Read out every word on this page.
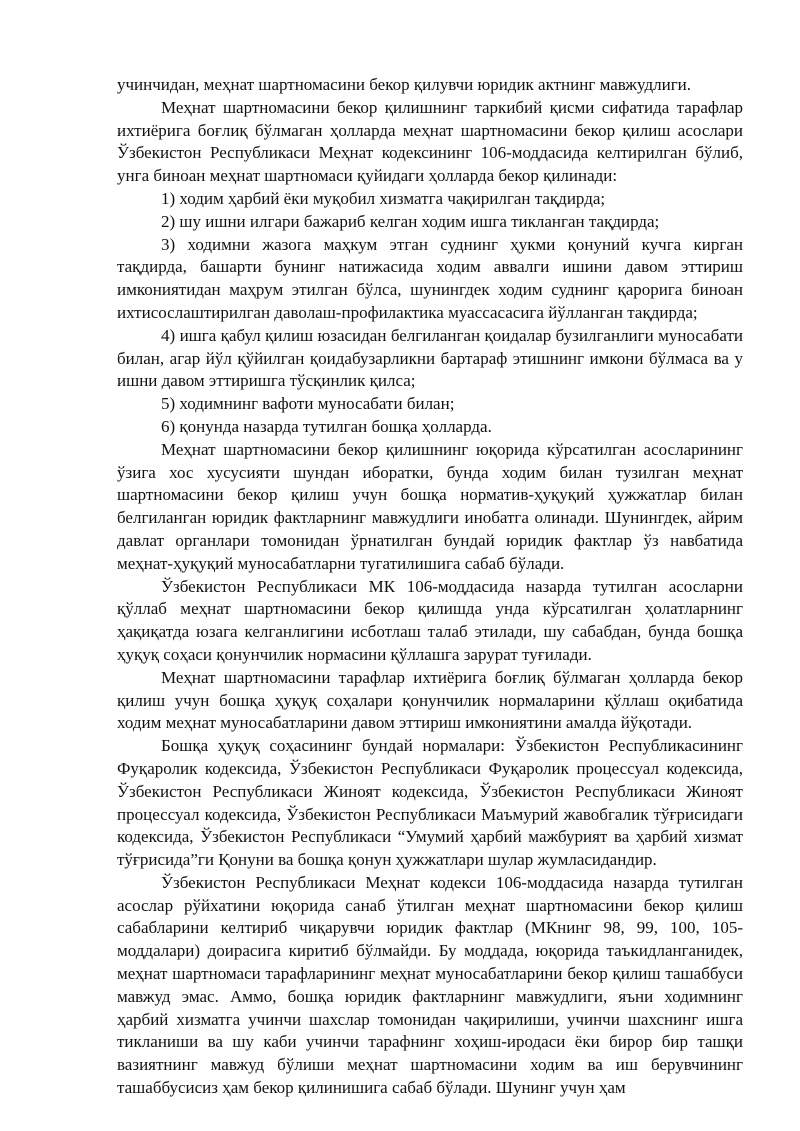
учинчидан, меҳнат шартномасини бекор қилувчи юридик актнинг мавжудлиги.

Меҳнат шартномасини бекор қилишнинг таркибий қисми сифатида тарафлар ихтиёрига боғлиқ бўлмаган ҳолларда меҳнат шартномасини бекор қилиш асослари Ўзбекистон Республикаси Меҳнат кодексининг 106-моддасида келтирилган бўлиб, унга биноан меҳнат шартномаси қуйидаги ҳолларда бекор қилинади:

1) ходим ҳарбий ёки муқобил хизматга чақирилган тақдирда;

2) шу ишни илгари бажариб келган ходим ишга тикланган тақдирда;

3) ходимни жазога маҳкум этган суднинг ҳукми қонуний кучга кирган тақдирда, башарти бунинг натижасида ходим аввалги ишини давом эттириш имкониятидан маҳрум этилган бўлса, шунингдек ходим суднинг қарорига биноан ихтисослаштирилган даволаш-профилактика муассасасига йўлланган тақдирда;

4) ишга қабул қилиш юзасидан белгиланган қоидалар бузилганлиги муносабати билан, агар йўл қўйилган қоидабузарликни бартараф этишнинг имкони бўлмаса ва у ишни давом эттиришга тўсқинлик қилса;

5) ходимнинг вафоти муносабати билан;

6) қонунда назарда тутилган бошқа ҳолларда.

Меҳнат шартномасини бекор қилишнинг юқорида кўрсатилган асосларининг ўзига хос хусусияти шундан иборатки, бунда ходим билан тузилган меҳнат шартномасини бекор қилиш учун бошқа норматив-ҳуқуқий ҳужжатлар билан белгиланган юридик фактларнинг мавжудлиги инобатга олинади. Шунингдек, айрим давлат органлари томонидан ўрнатилган бундай юридик фактлар ўз навбатида меҳнат-ҳуқуқий муносабатларни тугатилишига сабаб бўлади.

Ўзбекистон Республикаси МК 106-моддасида назарда тутилган асосларни қўллаб меҳнат шартномасини бекор қилишда унда кўрсатилган ҳолатларнинг ҳақиқатда юзага келганлигини исботлаш талаб этилади, шу сабабдан, бунда бошқа ҳуқуқ соҳаси қонунчилик нормасини қўллашга зарурат туғилади.

Меҳнат шартномасини тарафлар ихтиёрига боғлиқ бўлмаган ҳолларда бекор қилиш учун бошқа ҳуқуқ соҳалари қонунчилик нормаларини қўллаш оқибатида ходим меҳнат муносабатларини давом эттириш имкониятини амалда йўқотади.

Бошқа ҳуқуқ соҳасининг бундай нормалари: Ўзбекистон Республикасининг Фуқаролик кодексида, Ўзбекистон Республикаси Фуқаролик процессуал кодексида, Ўзбекистон Республикаси Жиноят кодексида, Ўзбекистон Республикаси Жиноят процессуал кодексида, Ўзбекистон Республикаси Маъмурий жавобгалик тўғрисидаги кодексида, Ўзбекистон Республикаси “Умумий ҳарбий мажбурият ва ҳарбий хизмат тўғрисида”ги Қонуни ва бошқа қонун ҳужжатлари шулар жумласидандир.

Ўзбекистон Республикаси Меҳнат кодекси 106-моддасида назарда тутилган асослар рўйхатини юқорида санаб ўтилган меҳнат шартномасини бекор қилиш сабабларини келтириб чиқарувчи юридик фактлар (МКнинг 98, 99, 100, 105-моддалари) доирасига киритиб бўлмайди. Бу моддада, юқорида таъкидланганидек, меҳнат шартномаси тарафларининг меҳнат муносабатларини бекор қилиш ташаббуси мавжуд эмас. Аммо, бошқа юридик фактларнинг мавжудлиги, яъни ходимнинг ҳарбий хизматга учинчи шахслар томонидан чақирилиши, учинчи шахснинг ишга тикланиши ва шу каби учинчи тарафнинг хоҳиш-иродаси ёки бирор бир ташқи вазиятнинг мавжуд бўлиши меҳнат шартномасини ходим ва иш берувчининг ташаббусисиз ҳам бекор қилинишига сабаб бўлади. Шунинг учун ҳам
